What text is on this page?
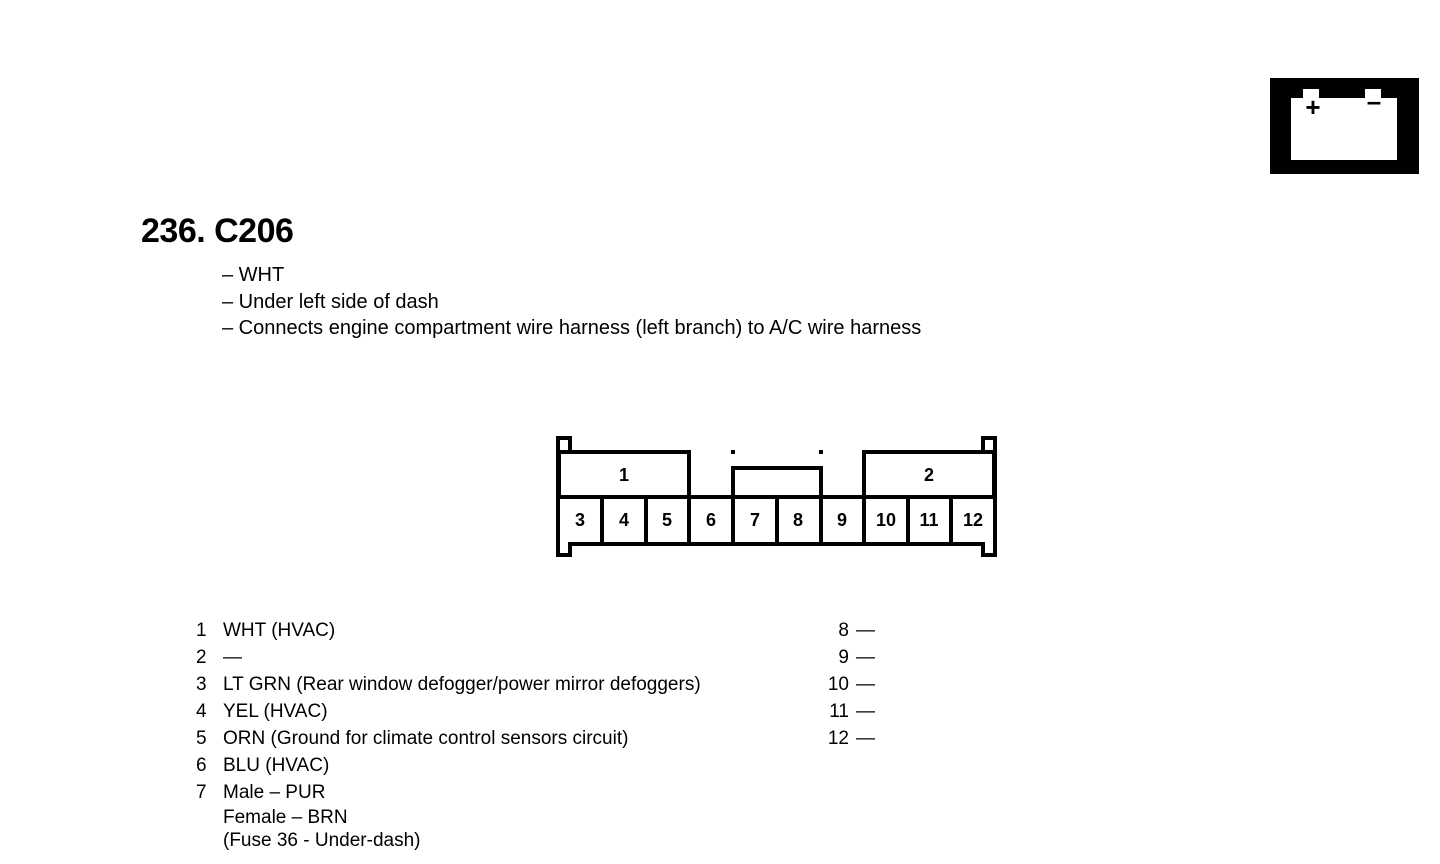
+ –
236. C206
– WHT
– Under left side of dash
– Connects engine compartment wire harness (left branch) to A/C wire harness
1	2
3 4 5 6 7 8 9 10 11 12
1 WHT (HVAC)
2 —
3 LT GRN (Rear window defogger/power mirror defoggers)
4 YEL (HVAC)
5 ORN (Ground for climate control sensors circuit)
6 BLU (HVAC)
7 Male – PUR
Female – BRN
(Fuse 36 - Under-dash)
8 —
9 —
10 —
11 —
12 —
